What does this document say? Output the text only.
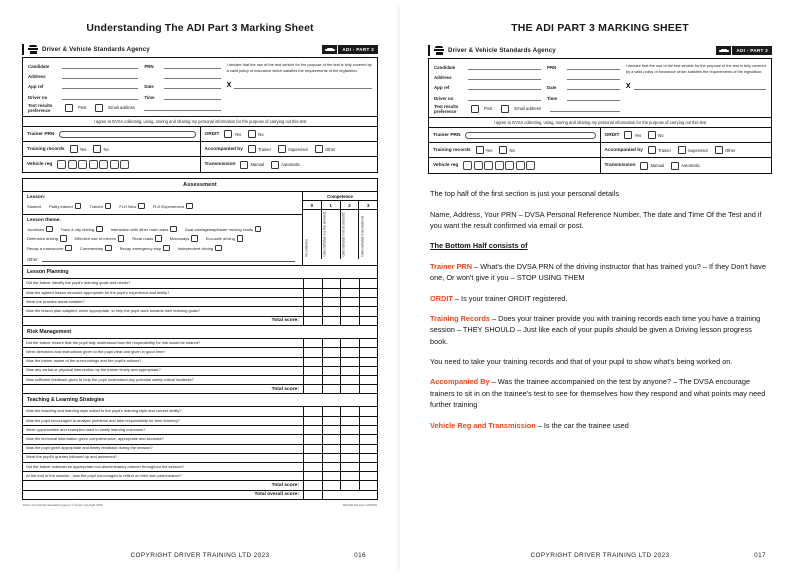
Understanding The ADI Part 3 Marking Sheet
Driver & Vehicle Standards Agency	ADI - PART 3
Candidate	PRN
Address
App ref	Date
Driver no	Time
Test results preference	Post	Email address
I declare that the use of the test vehicle for the purpose of the test is fully covered by a valid policy of insurance which satisfies the requirements of the legislation.
X
I agree to DVSA collecting, using, storing and sharing my personal information for the purpose of carrying out this test
Trainer PRN	ORDIT	Yes	No
Training records	Yes	No	Accompanied by	Trainer	Supervisor	Other
Vehicle reg	Transmission	Manual	Automatic
Assessment
Lesson:
Student Partly trained	Trained	FLH New	FLH Experienced
Lesson theme:
Junctions	Town & city driving	Interaction with other road users	Dual carriageway/faster moving roads
Defensive driving	Effective use of mirrors	Rural roads	Motorways	Eco-safe driving
Recap a manoeuvre	Commentary	Recap emergency stop	Independent driving
Other:
Competence
0	1	2	3
No evidence	Demonstrated in a few elements	Demonstrated in most elements	Demonstrated in all elements
Lesson Planning
Did the trainer identify the pupil's learning goals and needs?				
Was the agreed lesson structure appropriate for the pupil's experience and ability?				
Were the practice areas suitable?				
Was the lesson plan adapted, when appropriate, to help the pupil work towards their learning goals?				
Total score:				
Risk Management
Did the trainer ensure that the pupil fully understood how the responsibility for risk would be shared?				
Were directions and instructions given to the pupil clear and given in good time?				
Was the trainer aware of the surroundings and the pupil's actions?				
Was any verbal or physical intervention by the trainer timely and appropriate?				
Was sufficient feedback given to help the pupil understand any potential safety critical incidents?				
Total score:				
Teaching & Learning Strategies
Was the teaching and learning style suited to the pupil's learning style and current ability?				
Was the pupil encouraged to analyse problems and take responsibility for their learning?				
Were opportunities and examples used to clarify learning outcomes?				
Was the technical information given comprehensive, appropriate and accurate?				
Was the pupil given appropriate and timely feedback during the session?				
Were the pupil's queries followed up and answered?				
Did the trainer maintain an appropriate non-discriminatory manner throughout the session?				
At the end of the session - was the pupil encouraged to reflect on their own performance?				
Total score:				
Total overall score:				
Driver and Vehicle Standards Agency © Crown copyright 2020	ADI1/26 Revision 12/05/20
COPYRIGHT DRIVER TRAINING LTD 2023	016
THE ADI PART 3 MARKING SHEET
Driver & Vehicle Standards Agency	ADI - PART 3
Candidate	PRN
Address
App ref	Date
Driver no	Time
Test results preference	Post	Email address
I declare that the use of the test vehicle for the purpose of the test is fully covered by a valid policy of insurance which satisfies the requirements of the legislation.
X
I agree to DVSA collecting, using, storing and sharing my personal information for the purpose of carrying out this test
Trainer PRN	ORDIT	Yes	No
Training records	Yes	No	Accompanied by	Trainer	Supervisor	Other
Vehicle reg	Transmission	Manual	Automatic

The top half of the first section is just your personal details

Name, Address, Your PRN – DVSA Personal Reference Number, The date and Time Of the Test and if you want the result confirmed via email or post.

The Bottom Half consists of

Trainer PRN – What's the DVSA PRN of the driving instructor that has trained you? – If they Don't have one, Or won't give it you – STOP USING THEM

ORDIT – Is your trainer ORDIT registered.

Training Records – Does your trainer provide you with training records each time you have a training session – THEY SHOULD – Just like each of your pupils should be given a Driving lesson progress book.

You need to take your training records and that of your pupil to show what's being worked on.

Accompanied By – Was the trainee accompanied on the test by anyone? – The DVSA encourage trainers to sit in on the trainee's test to see for themselves how they respond and what points may need further training

Vehicle Reg and Transmission – Is the car the trainee used

COPYRIGHT DRIVER TRAINING LTD 2023	017
